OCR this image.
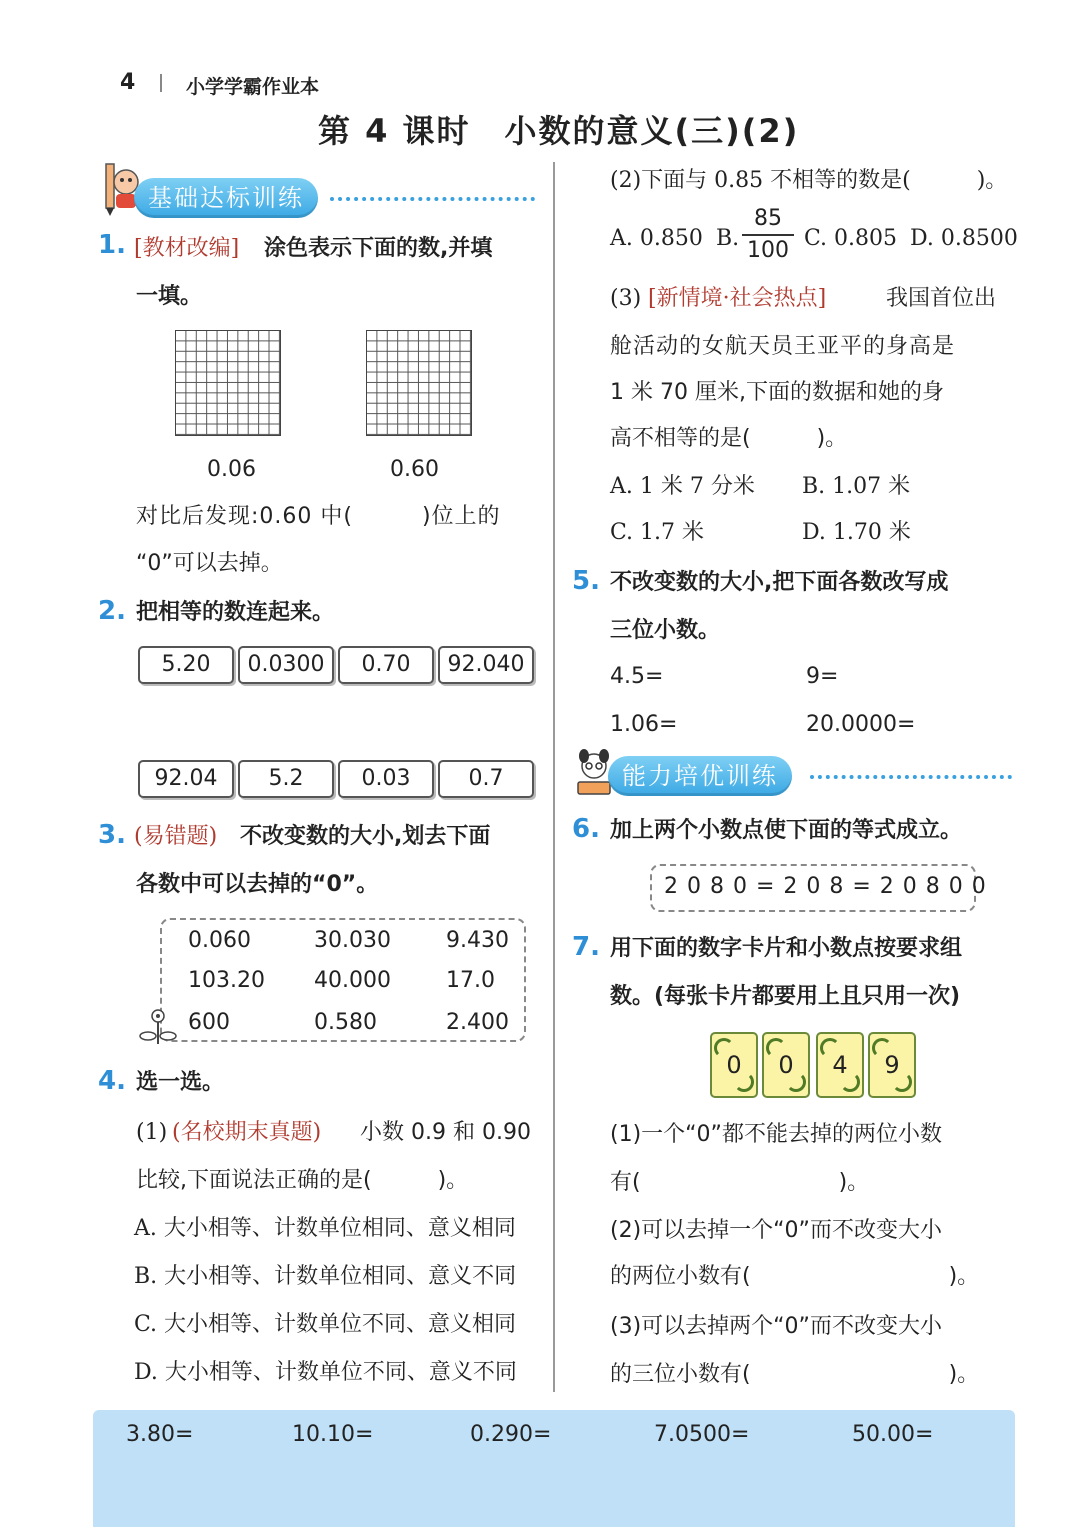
4	小学学霸作业本
第 4 课时　小数的意义(三)(2)
基础达标训练
1. [教材改编] 涂色表示下面的数,并填
一填。
0.06	0.60
对比后发现:0.60 中(　　　)位上的
“0”可以去掉。
2. 把相等的数连起来。
5.20	0.0300	0.70	92.040
92.04	5.2	0.03	0.7
3. (易错题) 不改变数的大小,划去下面
各数中可以去掉的“0”。
0.060	30.030	9.430
103.20 40.000	17.0
600	0.580	2.400
4. 选一选。
(1) (名校期末真题) 小数 0.9 和 0.90
比较,下面说法正确的是(　　　)。
A. 大小相等、计数单位相同、意义相同
B. 大小相等、计数单位相同、意义不同
C. 大小相等、计数单位不同、意义相同
D. 大小相等、计数单位不同、意义不同
(2)下面与 0.85 不相等的数是(　　　)。
A. 0.850 B.
85
100 C. 0.805 D. 0.8500
(3) [新情境·社会热点]	我国首位出
舱活动的女航天员王亚平的身高是
1 米 70 厘米,下面的数据和她的身
高不相等的是(　　　)。
A. 1 米 7 分米 B. 1.07 米
C. 1.7 米	D. 1.70 米
5. 不改变数的大小,把下面各数改写成
三位小数。
4.5=	9=
1.06=	20.0000=
能力培优训练
6. 加上两个小数点使下面的等式成立。
2 0 8 0 = 2 0 8 = 2 0 8 0 0
7. 用下面的数字卡片和小数点按要求组
数。(每张卡片都要用上且只用一次)
0	0	4	9
(1)一个“0”都不能去掉的两位小数
有(　　　　　　　　　)。
(2)可以去掉一个“0”而不改变大小
的两位小数有(　　　　　　　　　)。
(3)可以去掉两个“0”而不改变大小
的三位小数有(　　　　　　　　　)。
3.80=	10.10=	0.290=	7.0500=	50.00=
